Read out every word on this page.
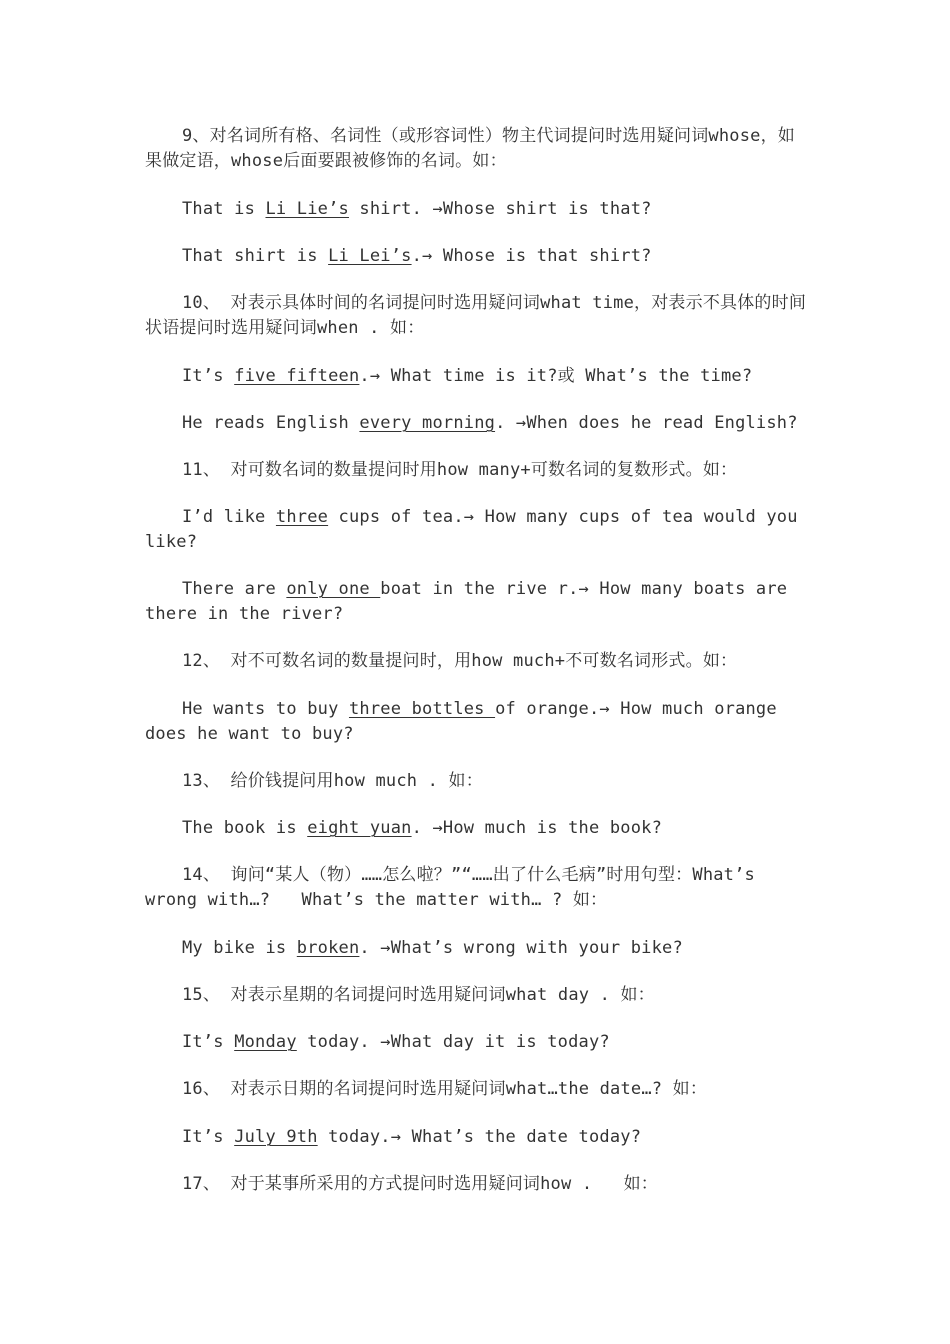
9、对名词所有格、名词性（或形容词性）物主代词提问时选用疑问词whose，如果做定语，whose后面要跟被修饰的名词。如：
That is Li Lie’s shirt. →Whose shirt is that?
That shirt is Li Lei’s.→ Whose is that shirt?
10、 对表示具体时间的名词提问时选用疑问词what time，对表示不具体的时间状语提问时选用疑问词when . 如：
It’s five fifteen.→ What time is it?或 What’s the time?
He reads English every morning. →When does he read English?
11、 对可数名词的数量提问时用how many+可数名词的复数形式。如：
I’d like three cups of tea.→ How many cups of tea would you like?
There are only one boat in the rive r.→ How many boats are there in the river?
12、 对不可数名词的数量提问时，用how much+不可数名词形式。如：
He wants to buy three bottles of orange.→ How much orange does he want to buy?
13、 给价钱提问用how much . 如：
The book is eight yuan. →How much is the book?
14、 询问“某人（物）……怎么啦？”“……出了什么毛病”时用句型：What’s wrong with…?   What’s the matter with… ? 如：
My bike is broken. →What’s wrong with your bike?
15、 对表示星期的名词提问时选用疑问词what day . 如：
It’s Monday today. →What day it is today?
16、 对表示日期的名词提问时选用疑问词what…the date…? 如：
It’s July 9th today.→ What’s the date today?
17、 对于某事所采用的方式提问时选用疑问词how .   如：
